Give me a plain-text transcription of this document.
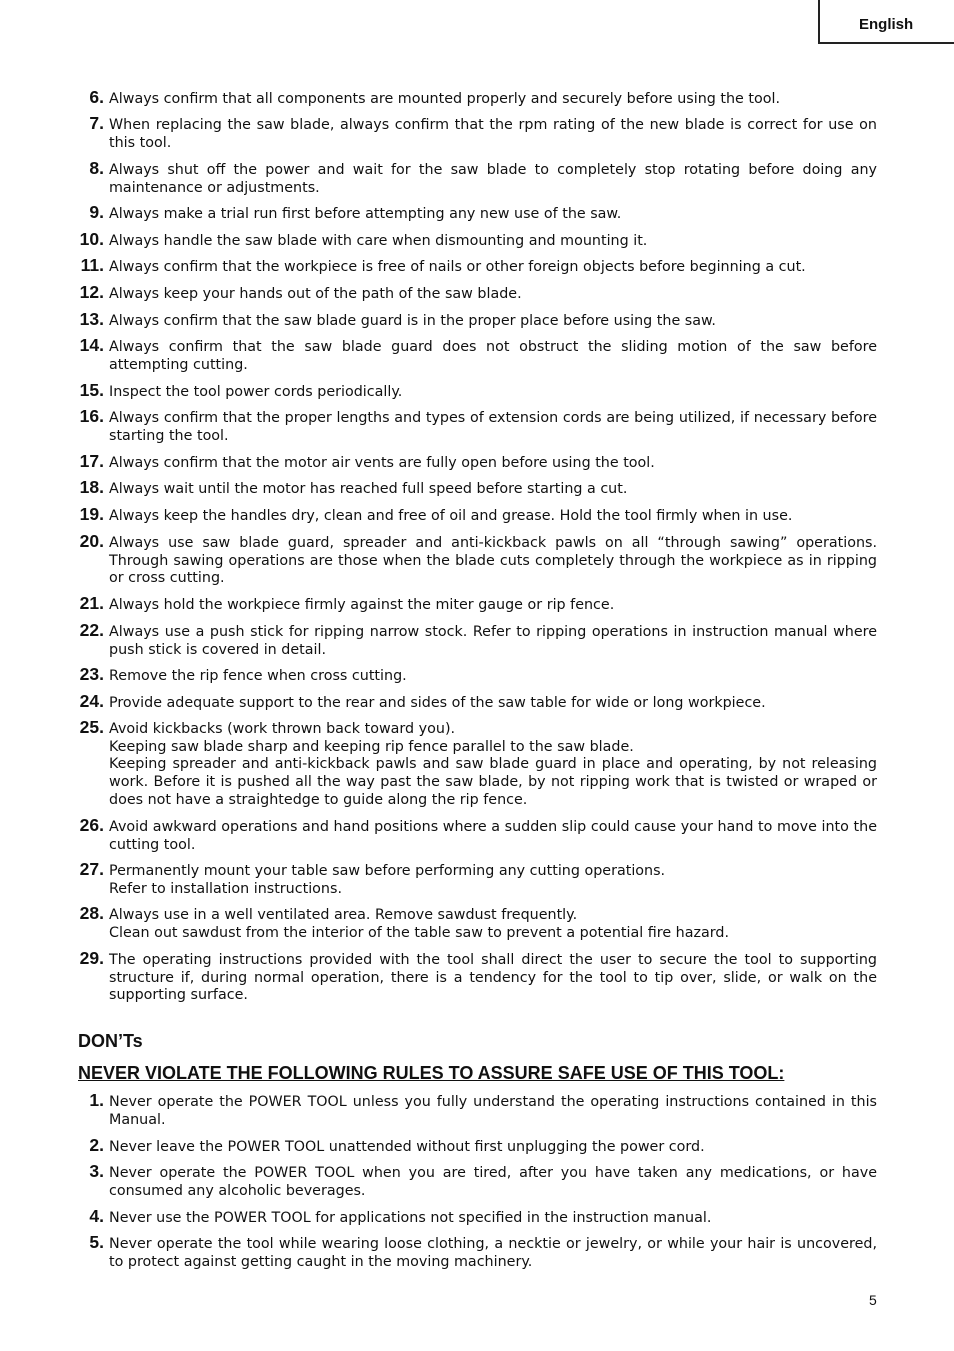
English
6. Always confirm that all components are mounted properly and securely before using the tool.
7. When replacing the saw blade, always confirm that the rpm rating of the new blade is correct for use on this tool.
8. Always shut off the power and wait for the saw blade to completely stop rotating before doing any maintenance or adjustments.
9. Always make a trial run first before attempting any new use of the saw.
10. Always handle the saw blade with care when dismounting and mounting it.
11. Always confirm that the workpiece is free of nails or other foreign objects before beginning a cut.
12. Always keep your hands out of the path of the saw blade.
13. Always confirm that the saw blade guard is in the proper place before using the saw.
14. Always confirm that the saw blade guard does not obstruct the sliding motion of the saw before attempting cutting.
15. Inspect the tool power cords periodically.
16. Always confirm that the proper lengths and types of extension cords are being utilized, if necessary before starting the tool.
17. Always confirm that the motor air vents are fully open before using the tool.
18. Always wait until the motor has reached full speed before starting a cut.
19. Always keep the handles dry, clean and free of oil and grease. Hold the tool firmly when in use.
20. Always use saw blade guard, spreader and anti-kickback pawls on all “through sawing” operations. Through sawing operations are those when the blade cuts completely through the workpiece as in ripping or cross cutting.
21. Always hold the workpiece firmly against the miter gauge or rip fence.
22. Always use a push stick for ripping narrow stock. Refer to ripping operations in instruction manual where push stick is covered in detail.
23. Remove the rip fence when cross cutting.
24. Provide adequate support to the rear and sides of the saw table for wide or long workpiece.
25. Avoid kickbacks (work thrown back toward you).
Keeping saw blade sharp and keeping rip fence parallel to the saw blade.
Keeping spreader and anti-kickback pawls and saw blade guard in place and operating, by not releasing work. Before it is pushed all the way past the saw blade, by not ripping work that is twisted or wraped or does not have a straightedge to guide along the rip fence.
26. Avoid awkward operations and hand positions where a sudden slip could cause your hand to move into the cutting tool.
27. Permanently mount your table saw before performing any cutting operations.
Refer to installation instructions.
28. Always use in a well ventilated area. Remove sawdust frequently.
Clean out sawdust from the interior of the table saw to prevent a potential fire hazard.
29. The operating instructions provided with the tool shall direct the user to secure the tool to supporting structure if, during normal operation, there is a tendency for the tool to tip over, slide, or walk on the supporting surface.
DON’Ts
NEVER VIOLATE THE FOLLOWING RULES TO ASSURE SAFE USE OF THIS TOOL:
1. Never operate the POWER TOOL unless you fully understand the operating instructions contained in this Manual.
2. Never leave the POWER TOOL unattended without first unplugging the power cord.
3. Never operate the POWER TOOL when you are tired, after you have taken any medications, or have consumed any alcoholic beverages.
4. Never use the POWER TOOL for applications not specified in the instruction manual.
5. Never operate the tool while wearing loose clothing, a necktie or jewelry, or while your hair is uncovered, to protect against getting caught in the moving machinery.
5
